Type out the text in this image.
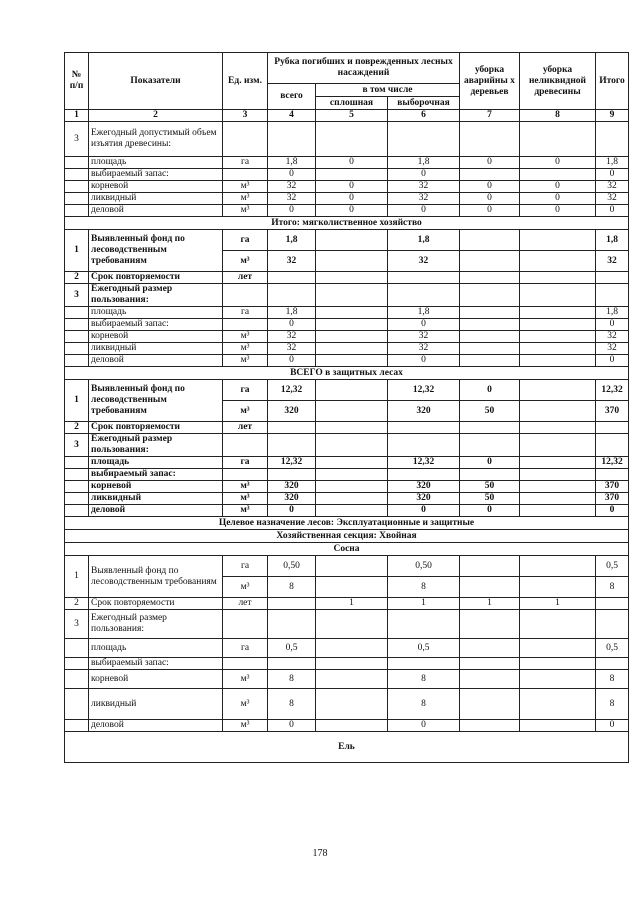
№ п/п	Показатели	Ед. изм.	Рубка погибших и поврежденных лесных насаждений			уборка аварийны х деревьев	уборка неликвидной древесины	Итого
			всего	в том числе				
				сплошная	выборочная			
1	2	3	4	5	6	7	8	9
3	Ежегодный допустимый объем изъятия древесины:							
	площадь	га	1,8	0	1,8	0	0	1,8
	выбираемый запас:		0		0			0
	корневой	м³	32	0	32	0	0	32
	ликвидный	м³	32	0	32	0	0	32
	деловой	м³	0	0	0	0	0	0
Итого: мягколиственное хозяйство								
1	Выявленный фонд по лесоводственным требованиям	га	1,8		1,8			1,8
		м³	32		32			32
2	Срок повторяемости	лет						
3	Ежегодный размер пользования:							
	площадь	га	1,8		1,8			1,8
	выбираемый запас:		0		0			0
	корневой	м³	32		32			32
	ликвидный	м³	32		32			32
	деловой	м³	0		0			0
ВСЕГО в защитных лесах								
1	Выявленный фонд по лесоводственным требованиям	га	12,32		12,32	0		12,32
		м³	320		320	50		370
2	Срок повторяемости	лет						
3	Ежегодный размер пользования:							
	площадь	га	12,32		12,32	0		12,32
	выбираемый запас:							
	корневой	м³	320		320	50		370
	ликвидный	м³	320		320	50		370
	деловой	м³	0		0	0		0
Целевое назначение лесов: Эксплуатационные и защитные								
Хозяйственная секция: Хвойная								
Сосна								
1	Выявленный фонд по лесоводственным требованиям	га	0,50		0,50			0,5
		м³	8		8			8
2	Срок повторяемости	лет		1	1	1	1	
3	Ежегодный размер пользования:							
	площадь	га	0,5		0,5			0,5
	выбираемый запас:							
	корневой	м³	8		8			8
	ликвидный	м³	8		8			8
	деловой	м³	0		0			0
Ель								
178
